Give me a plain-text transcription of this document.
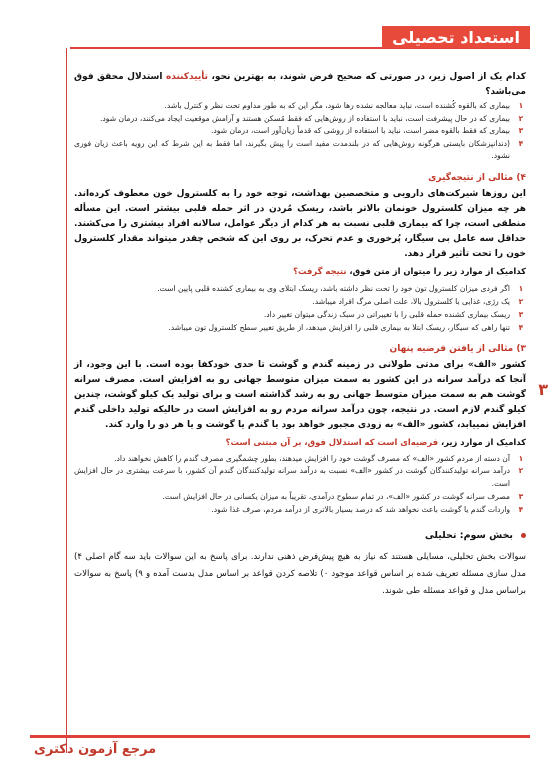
استعداد تحصیلی
۳

کدام یک از اصول زیر، در صورتی که صحیح فرض شوند، به بهترین نحو، تأییدکننده استدلال محقق فوق می‌باشد؟

۱
بیماری که بالقوه کُشنده است، نباید معالجه نشده رها شود، مگر این که به طور مداوم تحت نظر و کنترل باشد.
۲
بیماری که در حال پیشرفت است، نباید با استفاده از روش‌هایی که فقط مُسکن هستند و آرامش موقعیت ایجاد می‌کنند، درمان شود.
۳
بیماری که فقط بالقوه مضر است، نباید با استفاده از روشی که قدماً زیان‌آور است، درمان شود.
۴
(دندانپزشکان بایستی هرگونه روش‌هایی که در بلندمدت مفید است را پیش بگیرند، اما فقط به این شرط که این رویه باعث زیان فوری نشود.
۴) مثالی از نتیجه‌گیری

این روزها شیرکت‌های دارویی و متخصصین بهداشت، توجه خود را به کلسترول خون معطوف کرده‌اند. هر چه میزان کلسترول خونمان بالاتر باشد، ریسک مُردن در اثر حمله قلبی بیشتر است. این مسأله منطقی است، چرا که بیماری قلبی نسبت به هر کدام از دیگر عوامل، سالانه افراد بیشتری را می‌کشند. حداقل سه عامل بی سیگار، پُرخوری و عدم تحرک، بر روی این که شخص چقدر میتواند مقدار کلسترول خون را تحت تأثیر قرار دهد.

کدامیک از موارد زیر را میتوان از متن فوق، نتیجه گرفت؟

۱
اگر فردی میزان کلسترول تون خود را تحت نظر داشته باشد، ریسک ابتلای وی به بیماری کشنده قلبی پایین است.
۲
یک رژی، غذایی با کلسترول بالا، علت اصلی مرگ افراد میباشد.
۳
ریسک بیماری کشنده حمله قلبی را با تغییراتی در سبک زندگی میتوان تغییر داد.
۴
تنها راهی که سیگار، ریسک ابتلا به بیماری قلبی را افزایش میدهد، از طریق تغییر سطح کلسترول تون میباشد.
۳) مثالی از یافتن فرضیه پنهان

کشور «الف» برای مدتی طولانی در زمینه گندم و گوشت تا حدی خودکفا بوده است. با این وجود، از آنجا که درآمد سرانه در این کشور به سمت میزان متوسط جهانی رو به افزایش است. مصرف سرانه گوشت هم به سمت میزان متوسط جهانی رو به رشد گذاشته است و برای تولید یک کیلو گوشت، چندین کیلو گندم لازم است. در نتیجه، چون درآمد سرانه مردم رو به افزایش است در حالیکه تولید داخلی گندم افزایش نمییابد، کشور «الف» به زودی مجبور خواهد بود یا گندم یا گوشت و یا هر دو را وارد کند.

کدامیک از موارد زیر، فرضیه‌ای است که استدلال فوق، بر آن مبتنی است؟

۱
آن دسته از مردم کشور «الف» که مصرف گوشت خود را افزایش میدهند، بطور چشمگیری مصرف گندم را کاهش نخواهند داد.
۲
درآمد سرانه تولیدکنندگان گوشت در کشور «الف» نسبت به درآمد سرانه تولیدکنندگان گندم آن کشور، با سرعت بیشتری در حال افزایش است.
۳
مصرف سرانه گوشت در کشور «الف»، در تمام سطوح درآمدی، تقریباً به میزان یکسانی در حال افزایش است.
۴
واردات گندم یا گوشت باعث نخواهد شد که درصد بسیار بالاتری از درآمد مردم، صرف غذا شود.
بخش سوم: تحلیلی

سوالات بخش تحلیلی، مسایلی هستند که نیاز به هیچ پیش‌فرض ذهنی ندارند. برای پاسخ به این سوالات باید سه گام اصلی ۴) مدل سازی مسئله تعریف شده بر اساس قواعد موجود ۰) تلاصه کردن قواعد بر اساس مدل بدست آمده و ۹) پاسخ به سوالات براساس مدل و قواعد مسئله طی شوند.

مرجع آزمون دکتری
